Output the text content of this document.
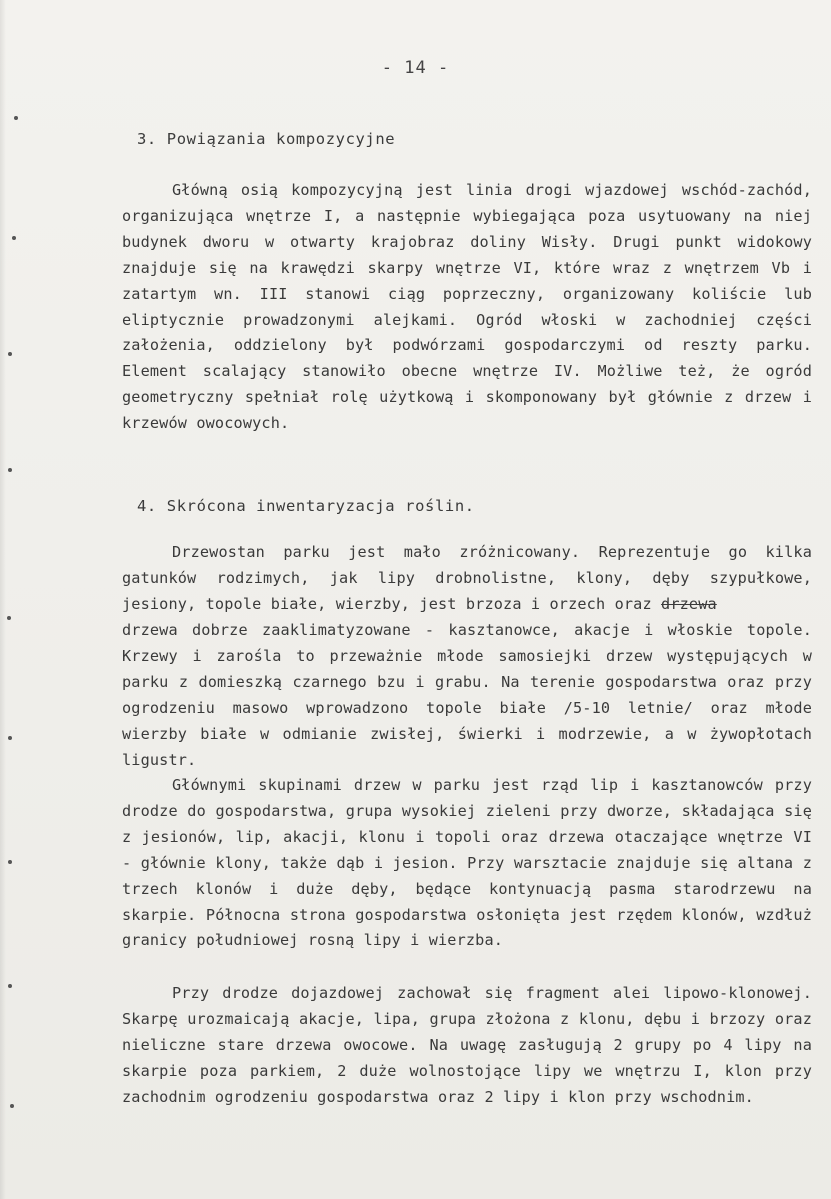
- 14 -
3. Powiązania kompozycyjne

Główną osią kompozycyjną jest linia drogi wjazdowej wschód-zachód, organizująca wnętrze I, a następnie wybiegająca poza usytuowany na niej budynek dworu w otwarty krajobraz doliny Wisły. Drugi punkt widokowy znajduje się na krawędzi skarpy wnętrze VI, które wraz z wnętrzem Vb i zatartym wn. III stanowi ciąg poprzeczny, organizowany koliście lub eliptycznie prowadzonymi alejkami. Ogród włoski w zachodniej części założenia, oddzielony był podwórzami gospodarczymi od reszty parku. Element scalający stanowiło obecne wnętrze IV. Możliwe też, że ogród geometryczny spełniał rolę użytkową i skomponowany był głównie z drzew i krzewów owocowych.

4. Skrócona inwentaryzacja roślin.

Drzewostan parku jest mało zróżnicowany. Reprezentuje go kilka gatunków rodzimych, jak lipy drobnolistne, klony, dęby szypułkowe, jesiony, topole białe, wierzby, jest brzoza i orzech oraz drzewa

drzewa dobrze zaaklimatyzowane - kasztanowce, akacje i włoskie topole. Krzewy i zarośla to przeważnie młode samosiejki drzew występujących w parku z domieszką czarnego bzu i grabu. Na terenie gospodarstwa oraz przy ogrodzeniu masowo wprowadzono topole białe /5-10 letnie/ oraz młode wierzby białe w odmianie zwisłej, świerki i modrzewie, a w żywopłotach ligustr.

Głównymi skupinami drzew w parku jest rząd lip i kasztanowców przy drodze do gospodarstwa, grupa wysokiej zieleni przy dworze, składająca się z jesionów, lip, akacji, klonu i topoli oraz drzewa otaczające wnętrze VI - głównie klony, także dąb i jesion. Przy warsztacie znajduje się altana z trzech klonów i duże dęby, będące kontynuacją pasma starodrzewu na skarpie. Północna strona gospodarstwa osłonięta jest rzędem klonów, wzdłuż granicy południowej rosną lipy i wierzba.

Przy drodze dojazdowej zachował się fragment alei lipowo-klonowej. Skarpę urozmaicają akacje, lipa, grupa złożona z klonu, dębu i brzozy oraz nieliczne stare drzewa owocowe. Na uwagę zasługują 2 grupy po 4 lipy na skarpie poza parkiem, 2 duże wolnostojące lipy we wnętrzu I, klon przy zachodnim ogrodzeniu gospodarstwa oraz 2 lipy i klon przy wschodnim.
